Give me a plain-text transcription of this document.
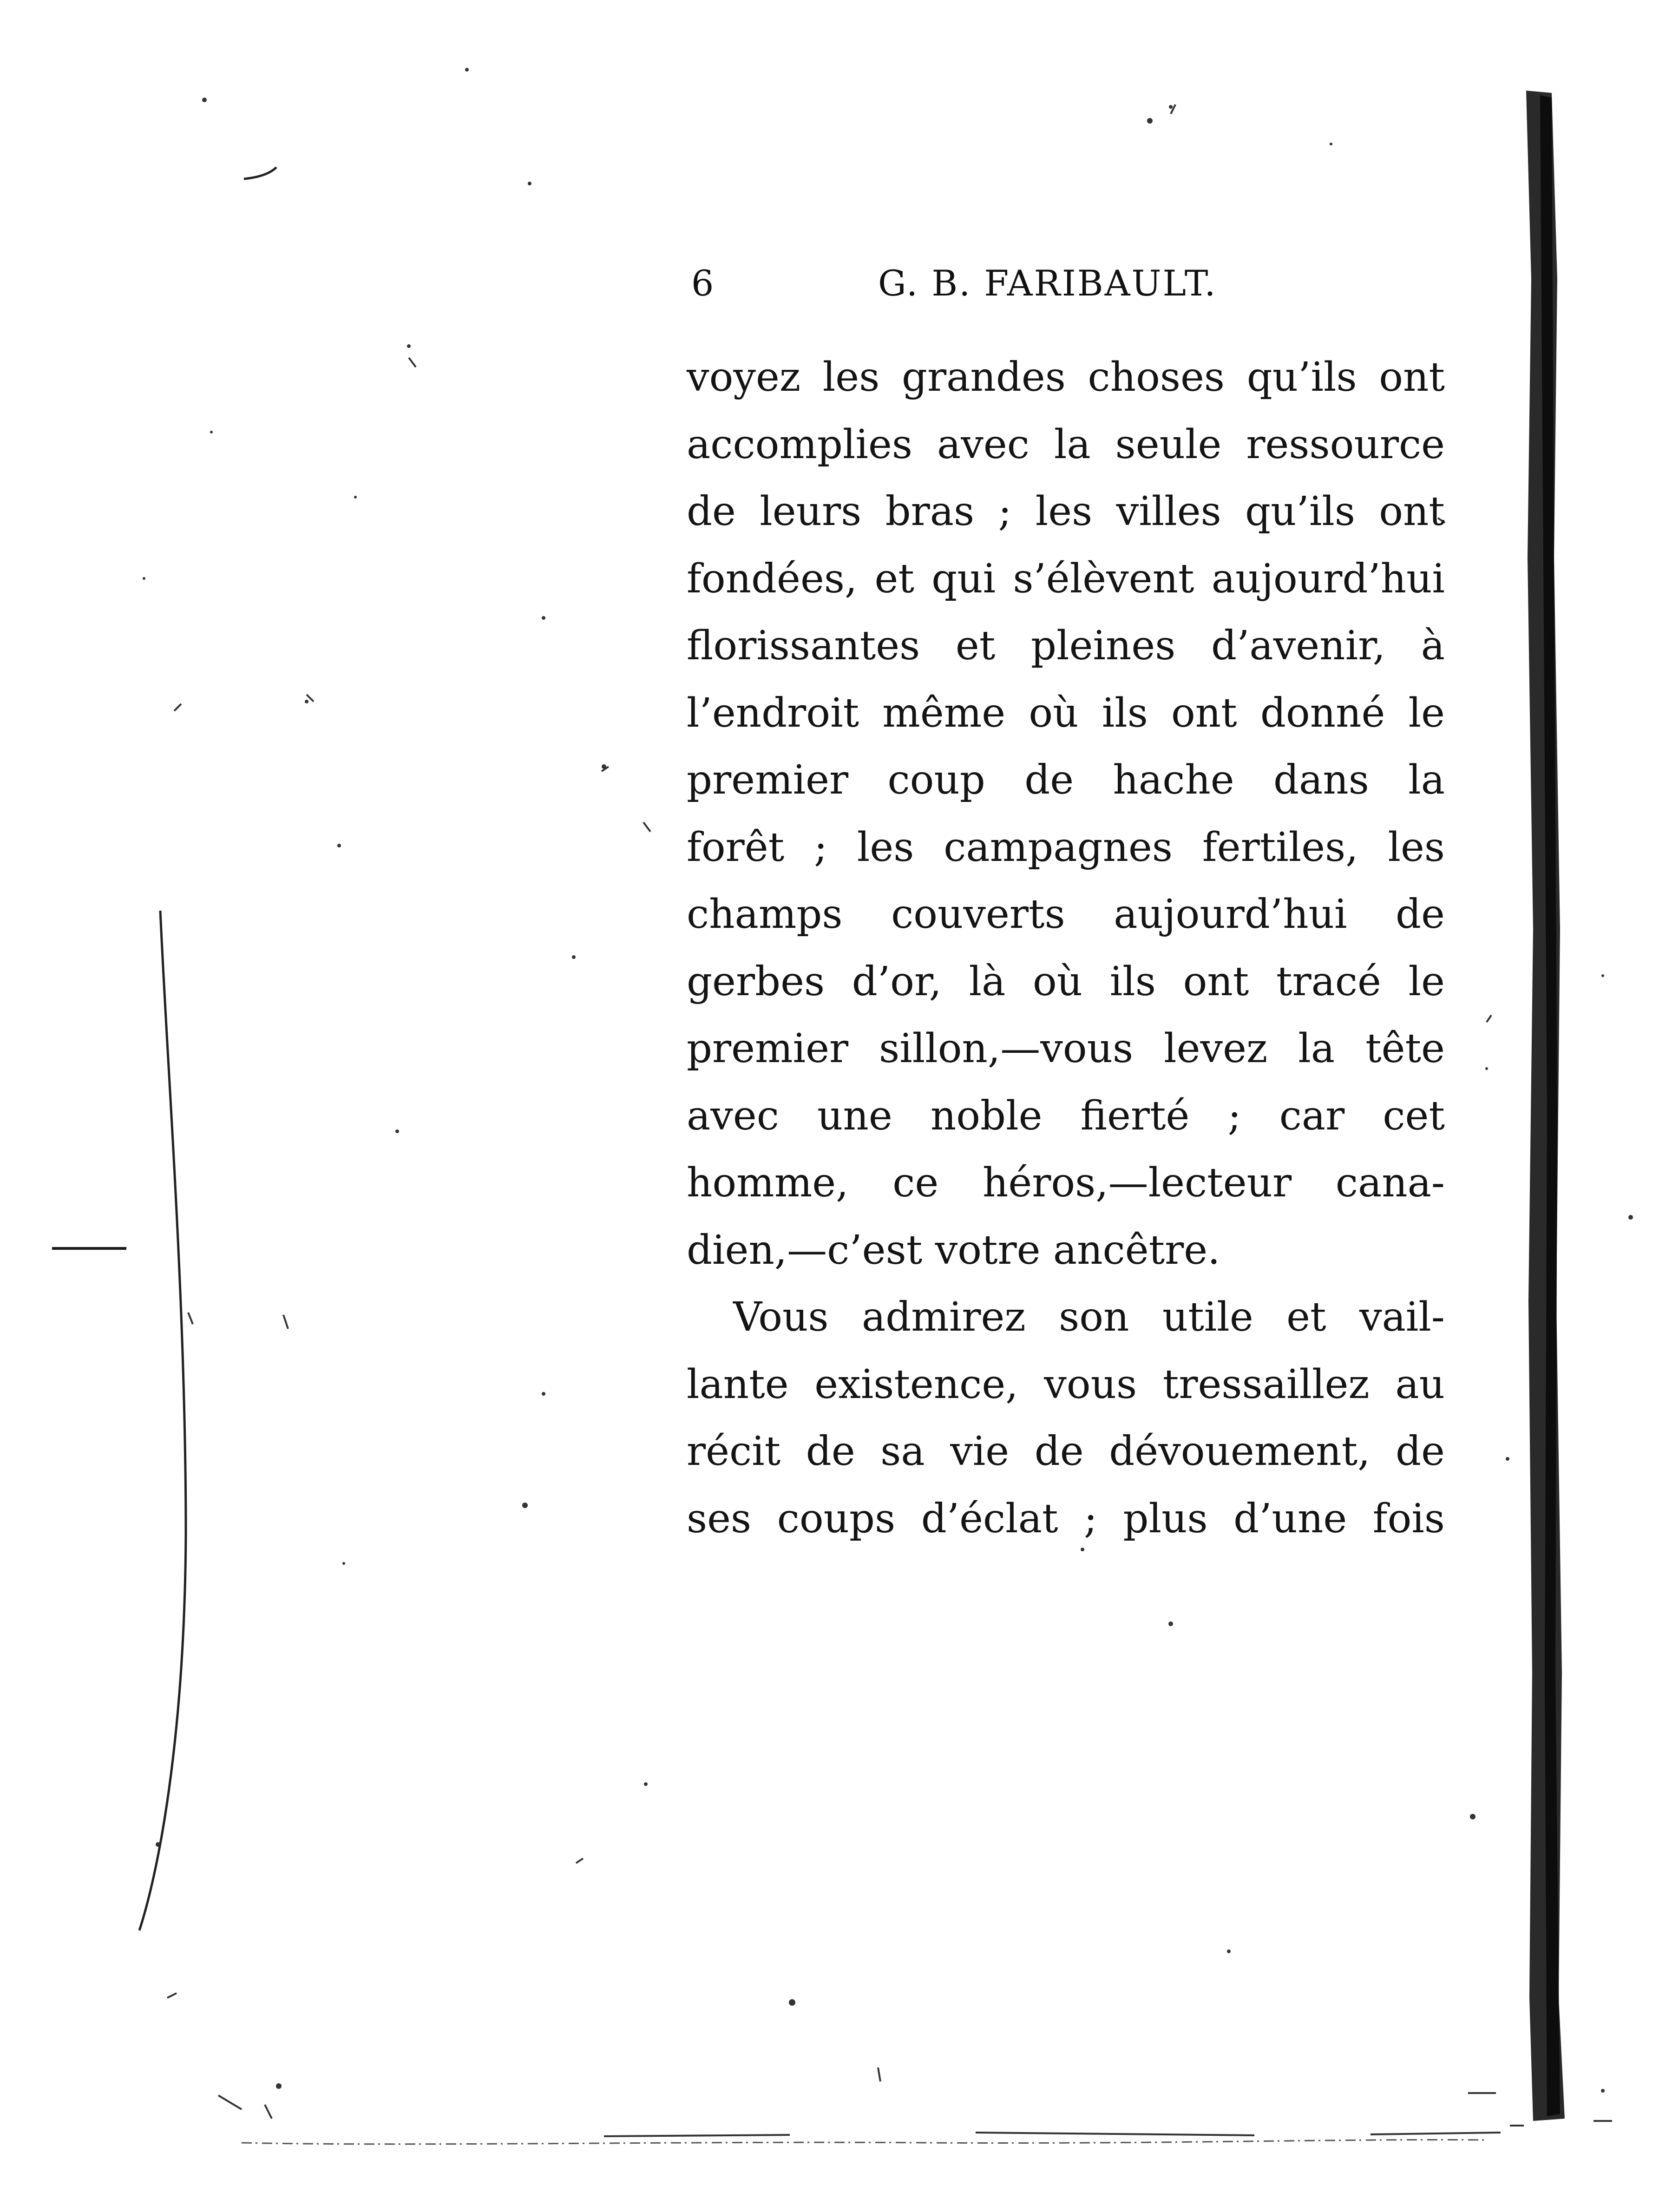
6	G. B. FARIBAULT.
voyez les grandes choses qu’ils ont
accomplies avec la seule ressource
de leurs bras ; les villes qu’ils ont
fondées, et qui s’élèvent aujourd’hui
florissantes et pleines d’avenir, à
l’endroit même où ils ont donné le
premier coup de hache dans la
forêt ; les campagnes fertiles, les
champs couverts aujourd’hui de
gerbes d’or, là où ils ont tracé le
premier sillon,—vous levez la tête
avec une noble fierté ; car cet
homme, ce héros,—lecteur cana-
dien,—c’est votre ancêtre.
Vous admirez son utile et vail-
lante existence, vous tressaillez au
récit de sa vie de dévouement, de
ses coups d’éclat ; plus d’une fois
